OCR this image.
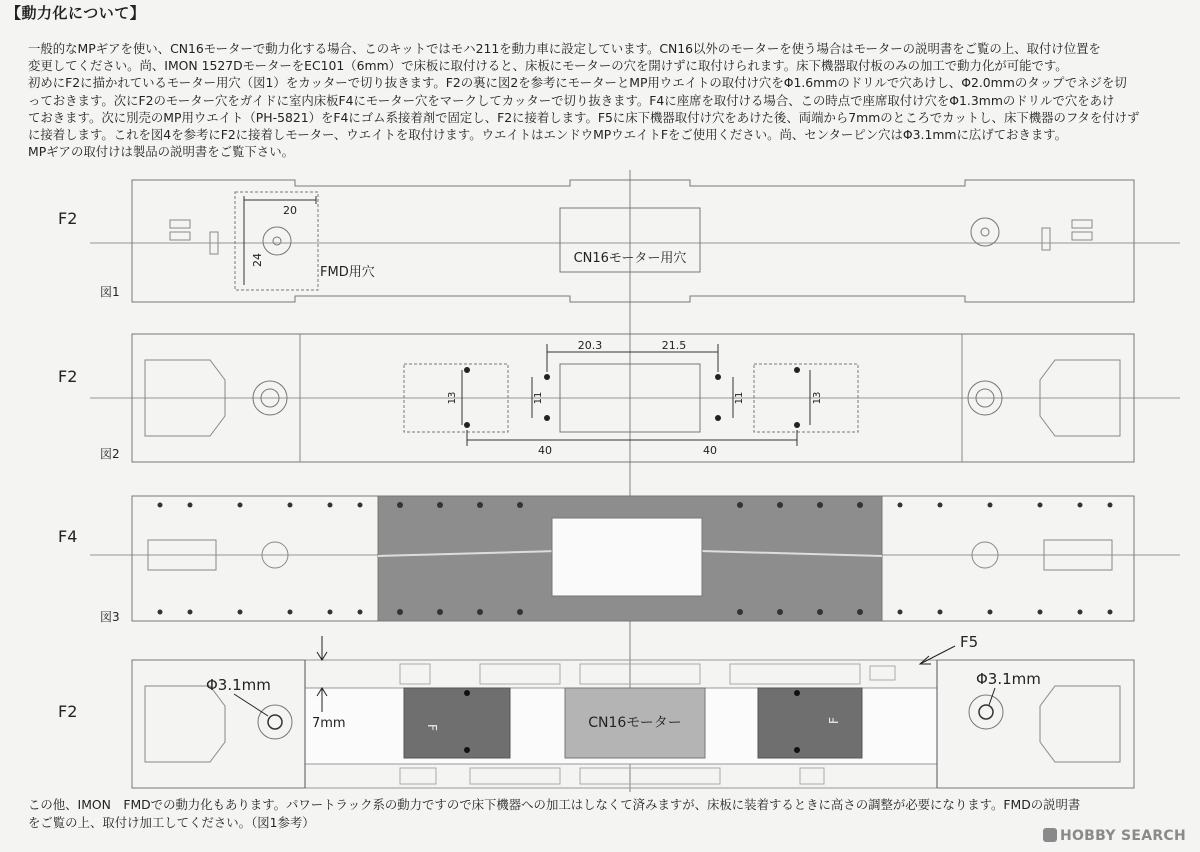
【動力化について】

一般的なMPギアを使い、CN16モーターで動力化する場合、このキットではモハ211を動力車に設定しています。CN16以外のモーターを使う場合はモーターの説明書をご覧の上、取付け位置を

変更してください。尚、IMON 1527DモーターをEC101（6mm）で床板に取付けると、床板にモーターの穴を開けずに取付けられます。床下機器取付板のみの加工で動力化が可能です。

初めにF2に描かれているモーター用穴（図1）をカッターで切り抜きます。F2の裏に図2を参考にモーターとMP用ウエイトの取付け穴をΦ1.6mmのドリルで穴あけし、Φ2.0mmのタップでネジを切

っておきます。次にF2のモーター穴をガイドに室内床板F4にモーター穴をマークしてカッターで切り抜きます。F4に座席を取付ける場合、この時点で座席取付け穴をΦ1.3mmのドリルで穴をあけ

ておきます。次に別売のMP用ウエイト（PH-5821）をF4にゴム系接着剤で固定し、F2に接着します。F5に床下機器取付け穴をあけた後、両端から7mmのところでカットし、床下機器のフタを付けず

に接着します。これを図4を参考にF2に接着しモーター、ウエイトを取付けます。ウエイトはエンドウMPウエイトFをご使用ください。尚、センターピン穴はΦ3.1mmに広げておきます。

MPギアの取付けは製品の説明書をご覧下さい。

F2
図1
20
24
FMD用穴
CN16モーター用穴
F2
図2
20.3	21.5
40	40
13	11	11	13
F4
図3
F2
F
F
CN16モーター
Φ3.1mm	Φ3.1mm
7mm
F5

この他、IMON　FMDでの動力化もあります。パワートラック系の動力ですので床下機器への加工はしなくて済みますが、床板に装着するときに高さの調整が必要になります。FMDの説明書

をご覧の上、取付け加工してください。（図1参考）

HOBBY SEARCH
